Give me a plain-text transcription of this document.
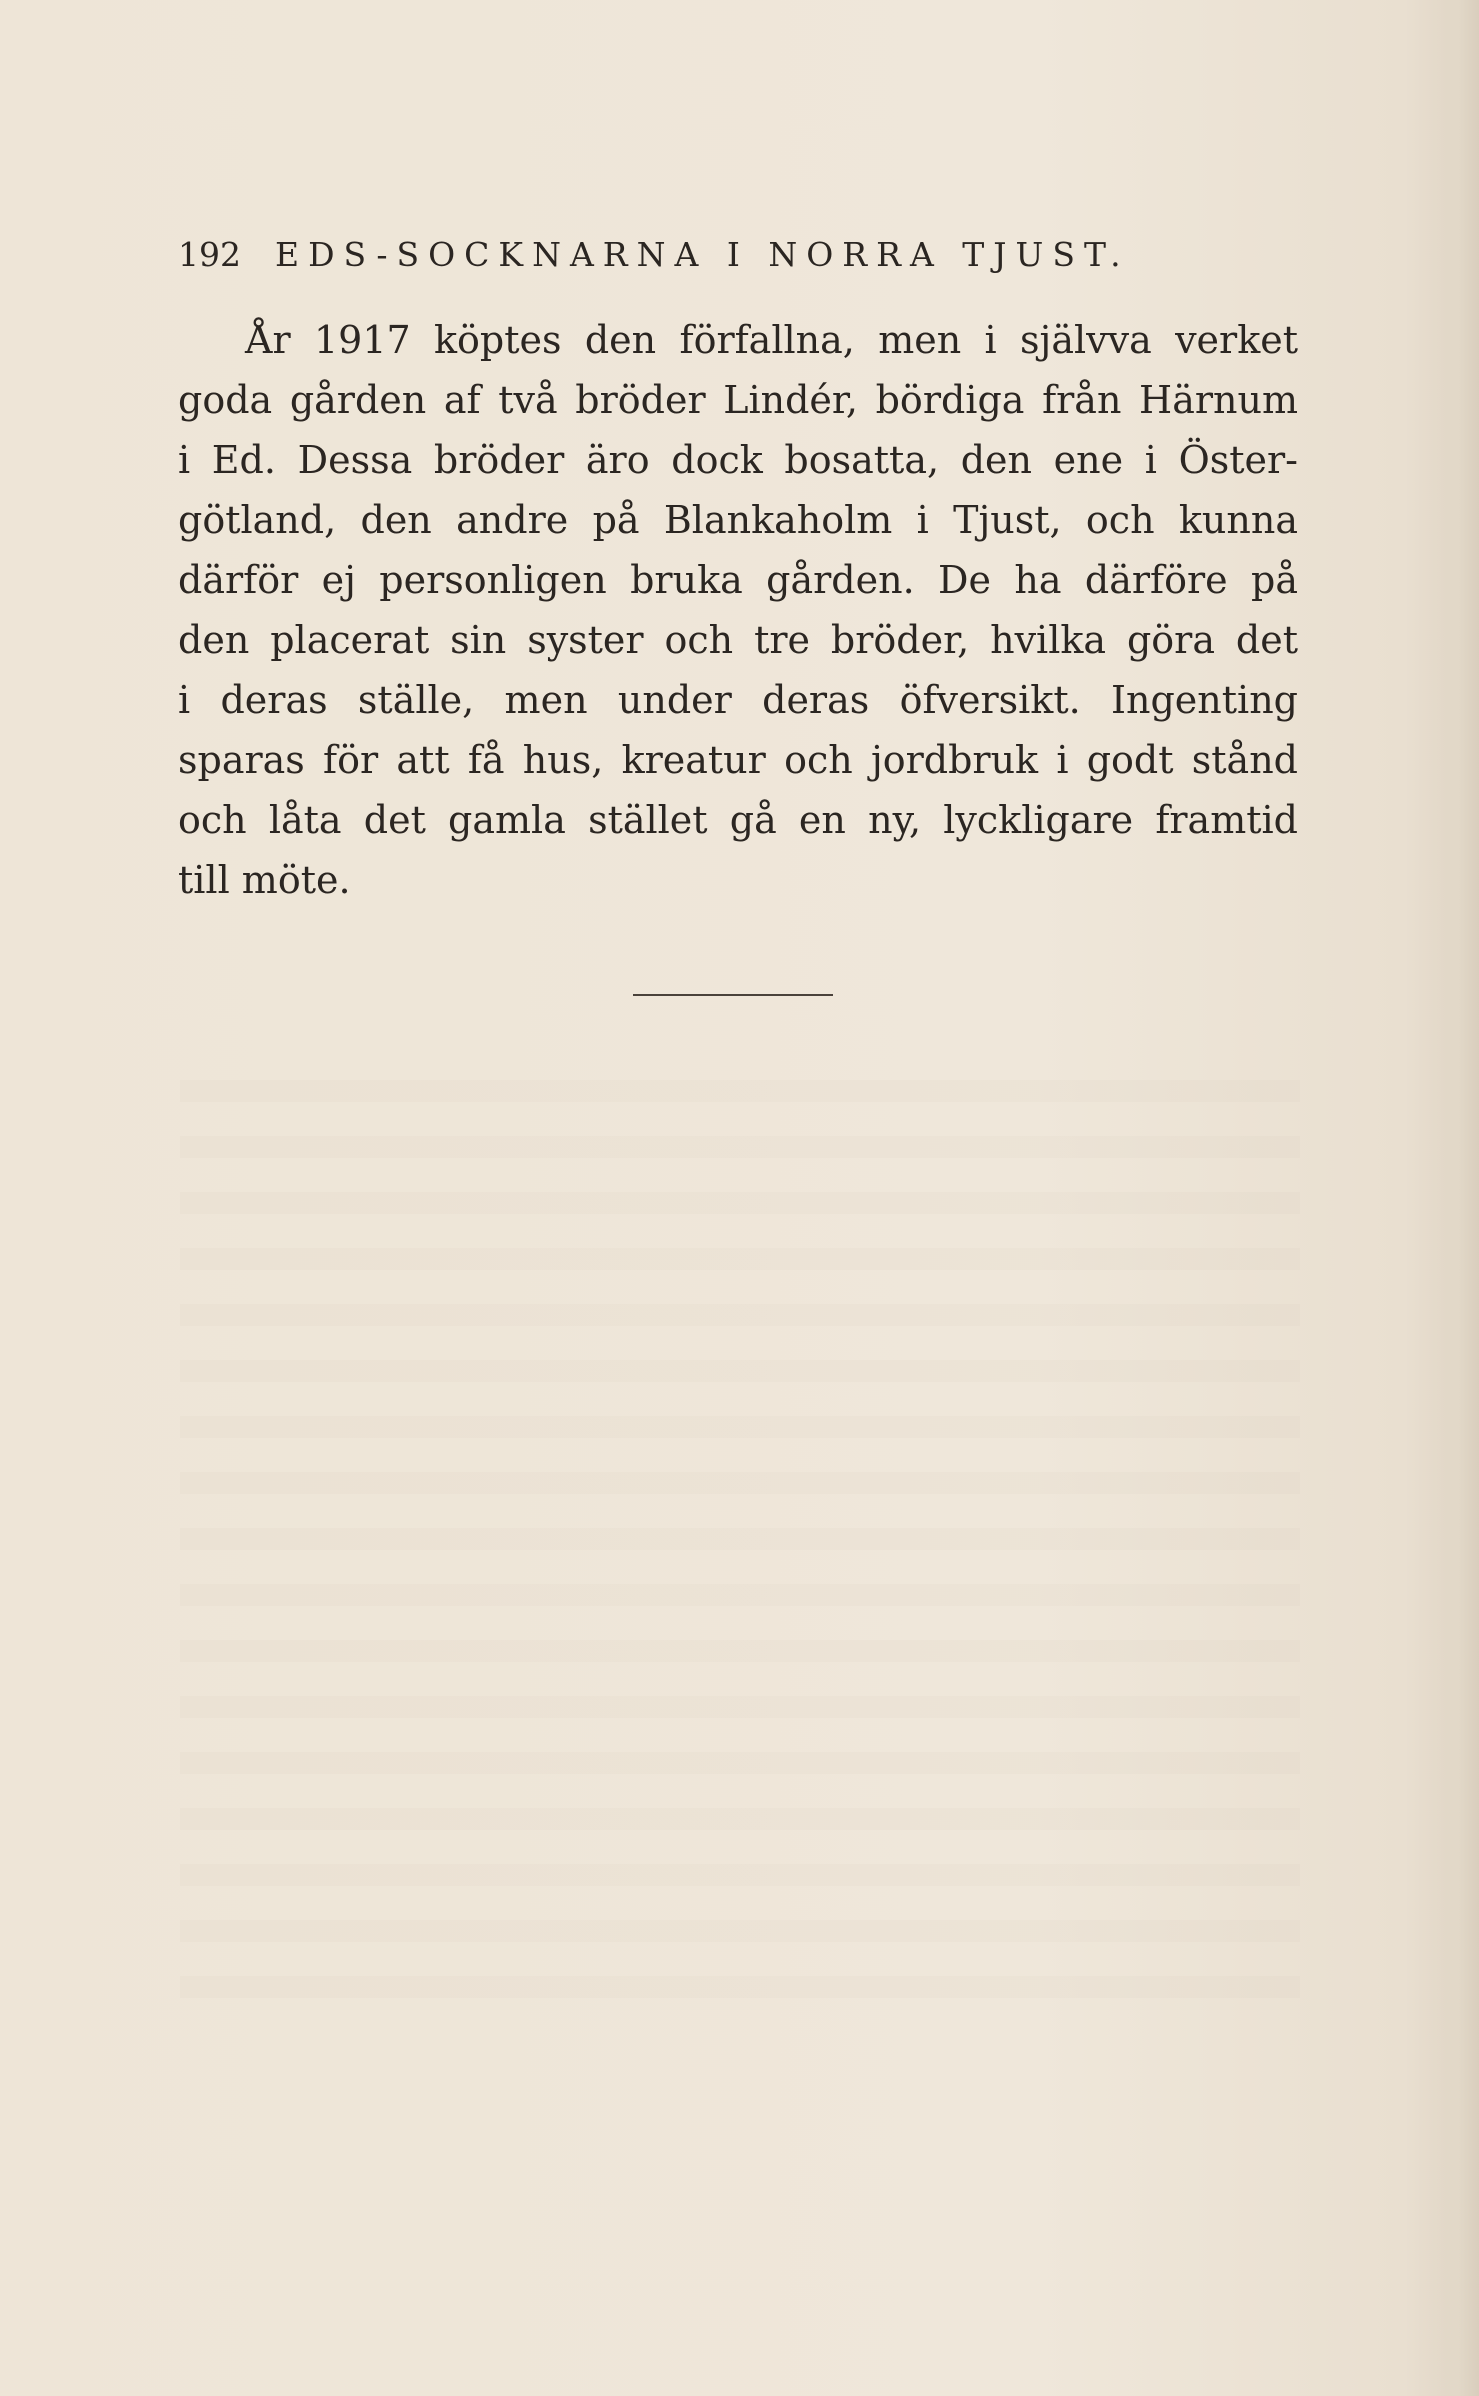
192 EDS-SOCKNARNA I NORRA TJUST.
År 1917 köptes den förfallna, men i självva verket
goda gården af två bröder Lindér, bördiga från Härnum
i Ed. Dessa bröder äro dock bosatta, den ene i Öster-
götland, den andre på Blankaholm i Tjust, och kunna
därför ej personligen bruka gården. De ha därföre på
den placerat sin syster och tre bröder, hvilka göra det
i deras ställe, men under deras öfversikt. Ingenting
sparas för att få hus, kreatur och jordbruk i godt stånd
och låta det gamla stället gå en ny, lyckligare framtid
till möte.
